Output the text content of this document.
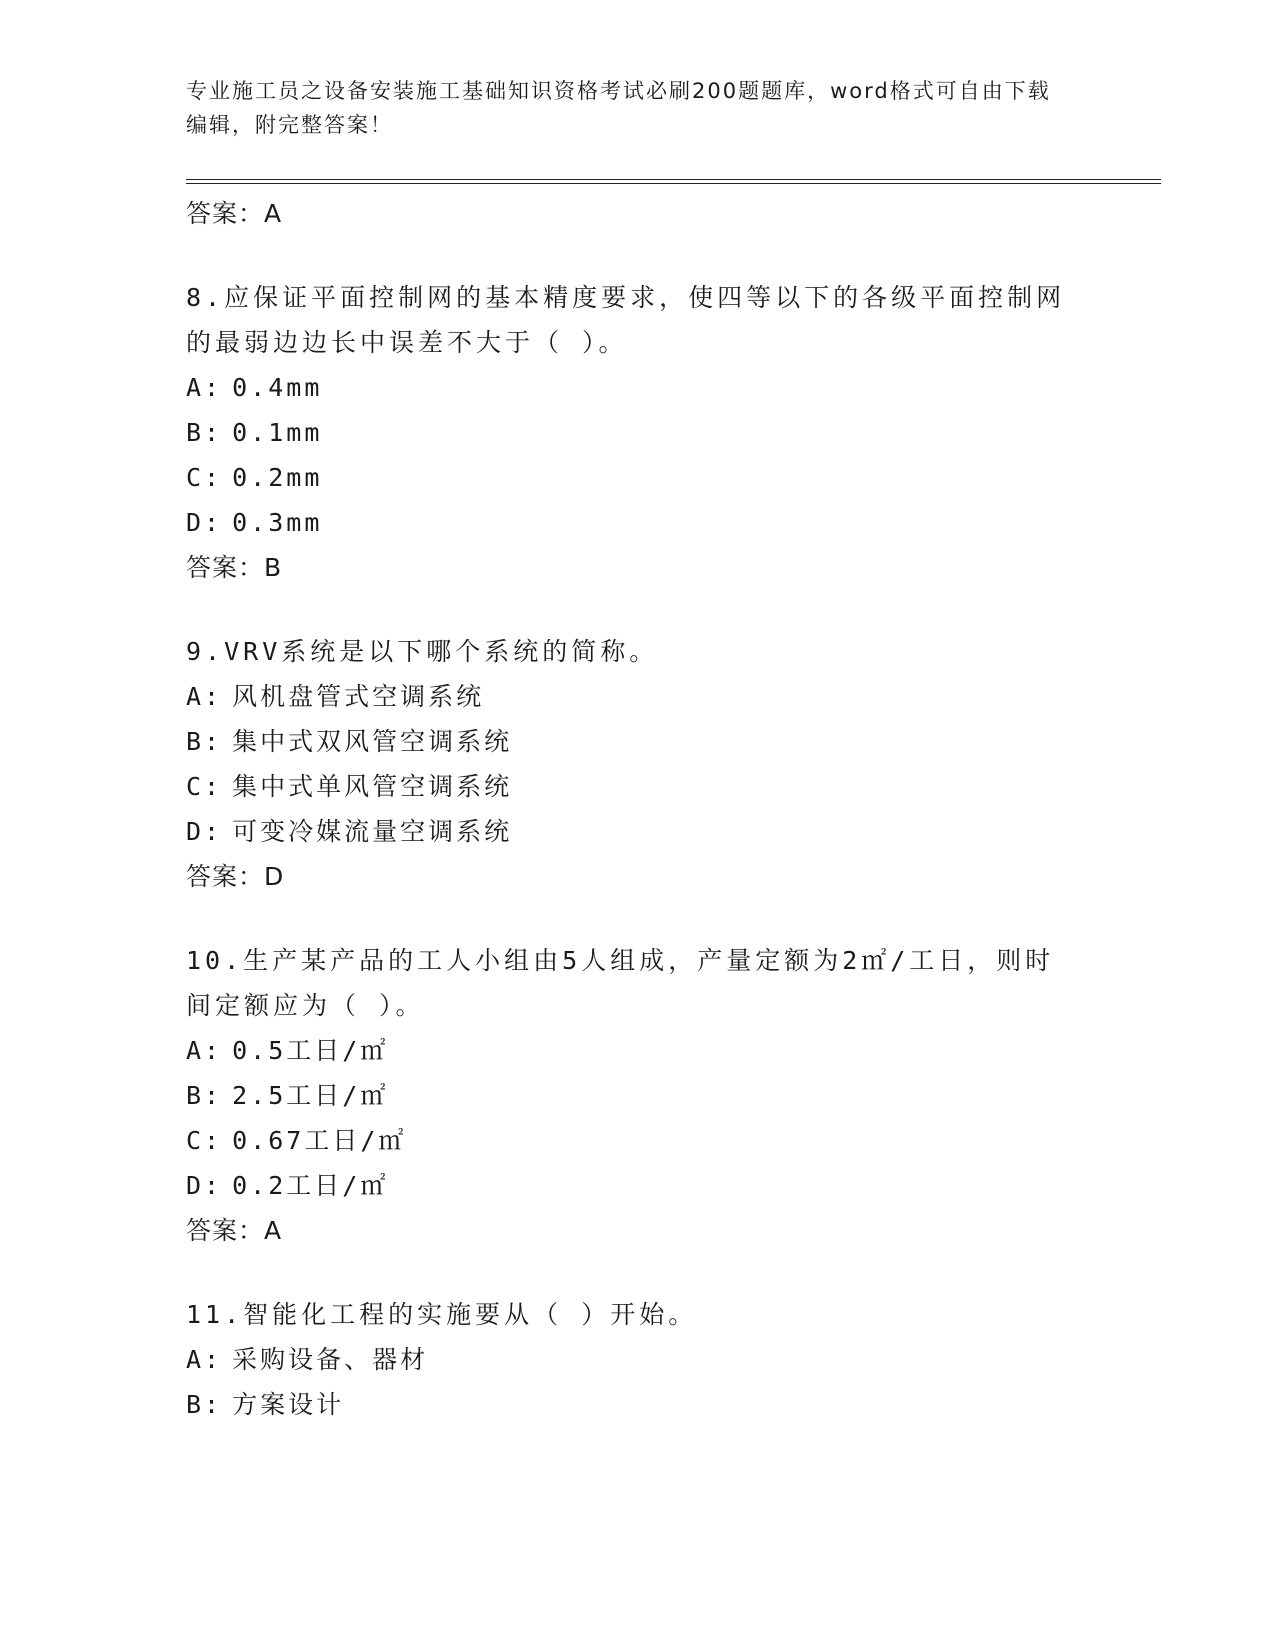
专业施工员之设备安装施工基础知识资格考试必刷200题题库，word格式可自由下载编辑，附完整答案！
答案：A
8.应保证平面控制网的基本精度要求，使四等以下的各级平面控制网的最弱边边长中误差不大于（ ）。
A: 0.4mm
B: 0.1mm
C: 0.2mm
D: 0.3mm
答案：B
9.VRV系统是以下哪个系统的简称。
A: 风机盘管式空调系统
B: 集中式双风管空调系统
C: 集中式单风管空调系统
D: 可变冷媒流量空调系统
答案：D
10.生产某产品的工人小组由5人组成，产量定额为2㎡/工日，则时间定额应为（ ）。
A: 0.5工日/㎡
B: 2.5工日/㎡
C: 0.67工日/㎡
D: 0.2工日/㎡
答案：A
11.智能化工程的实施要从（ ）开始。
A: 采购设备、器材
B: 方案设计
